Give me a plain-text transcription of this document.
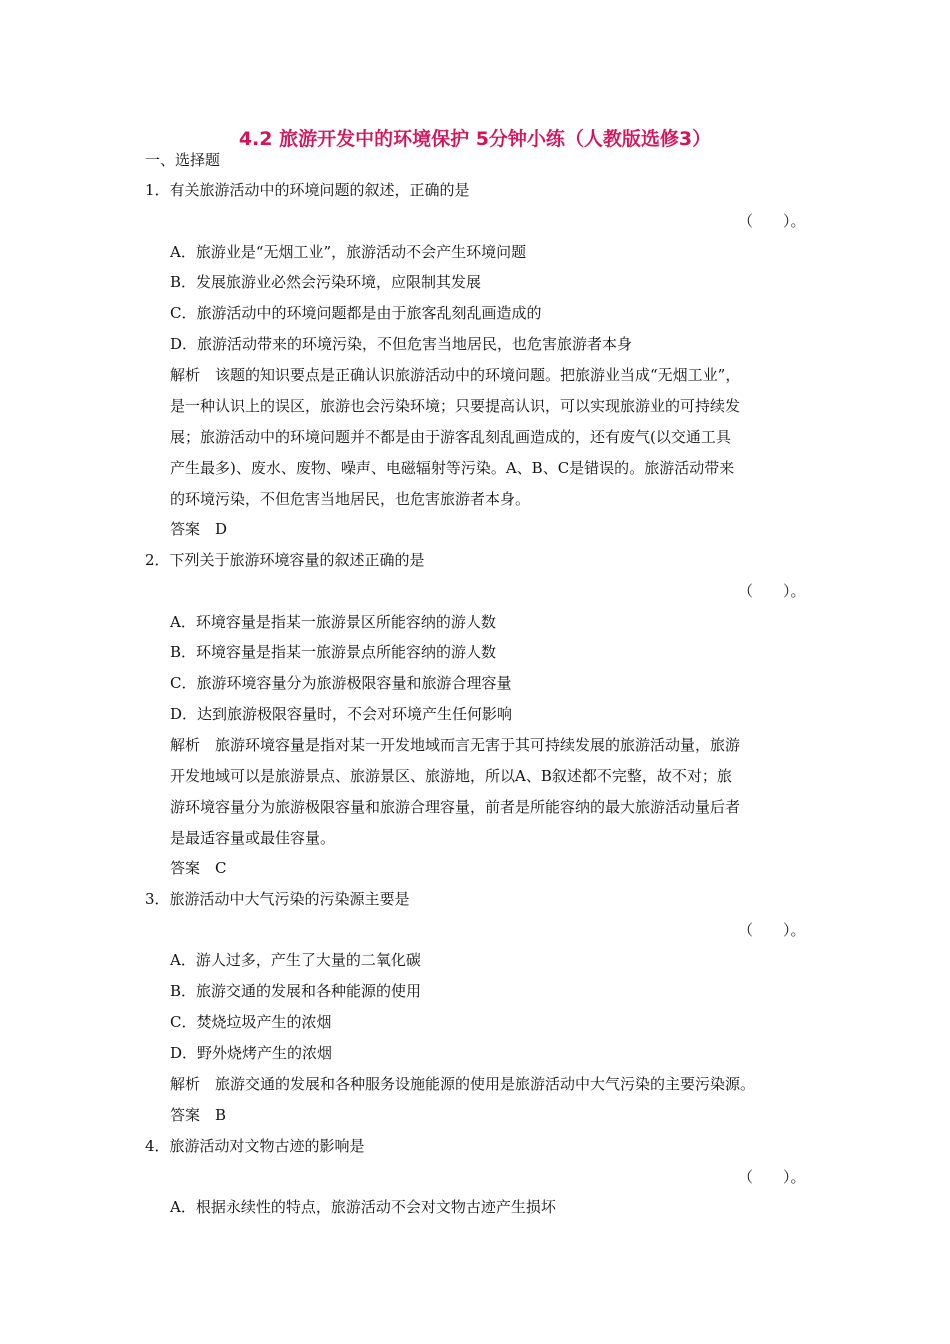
4.2 旅游开发中的环境保护 5分钟小练（人教版选修3）
一、选择题
1．有关旅游活动中的环境问题的叙述，正确的是
（　　）。
A．旅游业是“无烟工业”，旅游活动不会产生环境问题
B．发展旅游业必然会污染环境，应限制其发展
C．旅游活动中的环境问题都是由于旅客乱刻乱画造成的
D．旅游活动带来的环境污染，不但危害当地居民，也危害旅游者本身
解析　该题的知识要点是正确认识旅游活动中的环境问题。把旅游业当成“无烟工业”，
是一种认识上的误区，旅游也会污染环境；只要提高认识，可以实现旅游业的可持续发
展；旅游活动中的环境问题并不都是由于游客乱刻乱画造成的，还有废气(以交通工具
产生最多)、废水、废物、噪声、电磁辐射等污染。A、B、C是错误的。旅游活动带来
的环境污染，不但危害当地居民，也危害旅游者本身。
答案　D
2．下列关于旅游环境容量的叙述正确的是
（　　）。
A．环境容量是指某一旅游景区所能容纳的游人数
B．环境容量是指某一旅游景点所能容纳的游人数
C．旅游环境容量分为旅游极限容量和旅游合理容量
D．达到旅游极限容量时，不会对环境产生任何影响
解析　旅游环境容量是指对某一开发地域而言无害于其可持续发展的旅游活动量，旅游
开发地域可以是旅游景点、旅游景区、旅游地，所以A、B叙述都不完整，故不对；旅
游环境容量分为旅游极限容量和旅游合理容量，前者是所能容纳的最大旅游活动量后者
是最适容量或最佳容量。
答案　C
3．旅游活动中大气污染的污染源主要是
（　　）。
A．游人过多，产生了大量的二氧化碳
B．旅游交通的发展和各种能源的使用
C．焚烧垃圾产生的浓烟
D．野外烧烤产生的浓烟
解析　旅游交通的发展和各种服务设施能源的使用是旅游活动中大气污染的主要污染源。
答案　B
4．旅游活动对文物古迹的影响是
（　　）。
A．根据永续性的特点，旅游活动不会对文物古迹产生损坏
